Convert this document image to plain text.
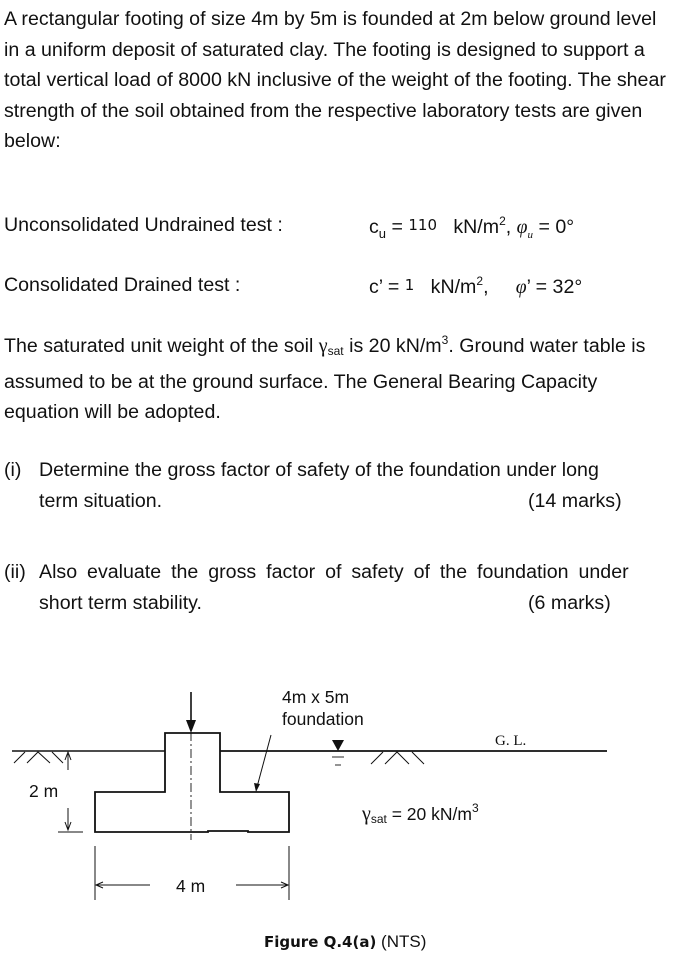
A rectangular footing of size 4m by 5m is founded at 2m below ground level in a uniform deposit of saturated clay. The footing is designed to support a total vertical load of 8000 kN inclusive of the weight of the footing. The shear strength of the soil obtained from the respective laboratory tests are given below:
Unconsolidated Undrained test :	$c_u = 110$ $kN/m^2$, $\varphi_u = 0^\circ$
Consolidated Drained test :	c’ = 1 $kN/m^2$, φ’ = 32°
The saturated unit weight of the soil $\gamma_{sat}$ is 20 $kN/m^3$. Ground water table is assumed to be at the ground surface. The General Bearing Capacity equation will be adopted.
(i) Determine the gross factor of safety of the foundation under long
term situation.	(14 marks)
(ii) Also evaluate the gross factor of safety of the foundation under
short term stability.	(6 marks)
4m x 5m
foundation
G. L.
2 m
4 m
γsat = 20 $kN/m^3$
Figure Q.4(a) (NTS)
